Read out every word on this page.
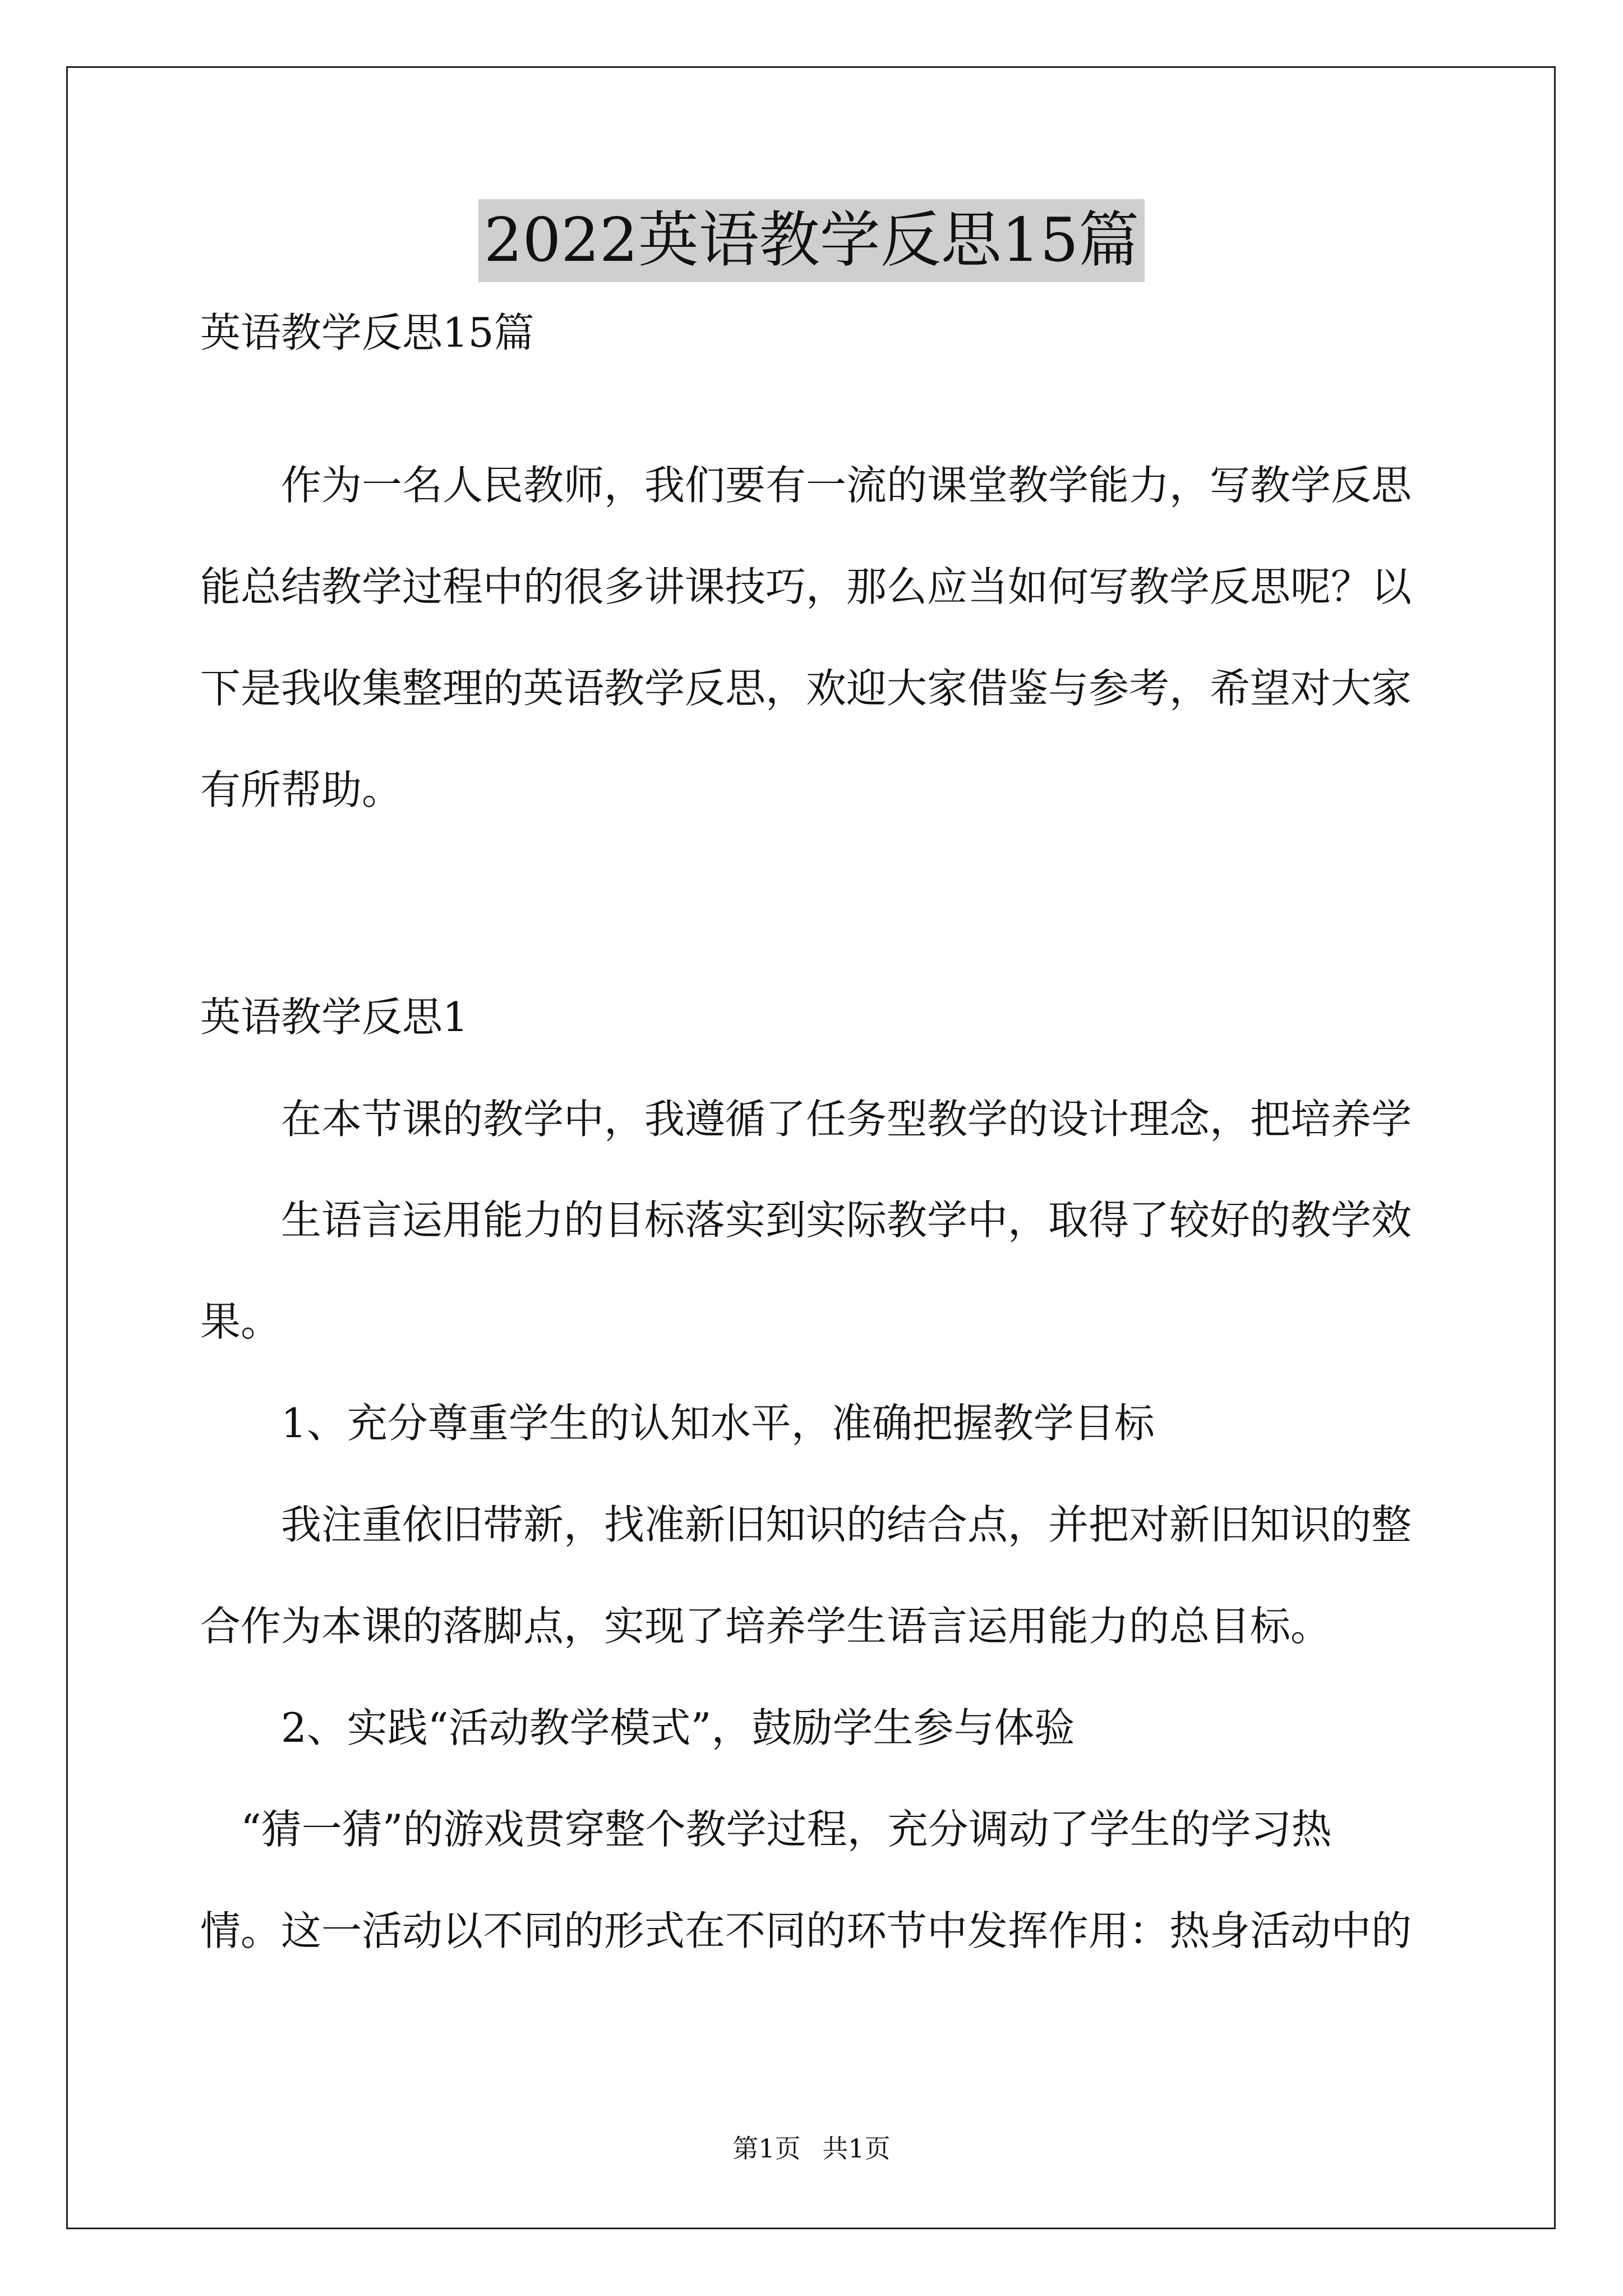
2022英语教学反思15篇
英语教学反思15篇
　　作为一名人民教师，我们要有一流的课堂教学能力，写教学反思
能总结教学过程中的很多讲课技巧，那么应当如何写教学反思呢？以
下是我收集整理的英语教学反思，欢迎大家借鉴与参考，希望对大家
有所帮助。
英语教学反思1
　　在本节课的教学中，我遵循了任务型教学的设计理念，把培养学
　　生语言运用能力的目标落实到实际教学中，取得了较好的教学效
果。
　　1、充分尊重学生的认知水平，准确把握教学目标
　　我注重依旧带新，找准新旧知识的结合点，并把对新旧知识的整
合作为本课的落脚点，实现了培养学生语言运用能力的总目标。
　　2、实践“活动教学模式”，鼓励学生参与体验
　“猜一猜”的游戏贯穿整个教学过程，充分调动了学生的学习热
情。这一活动以不同的形式在不同的环节中发挥作用：热身活动中的
第1页 共1页
